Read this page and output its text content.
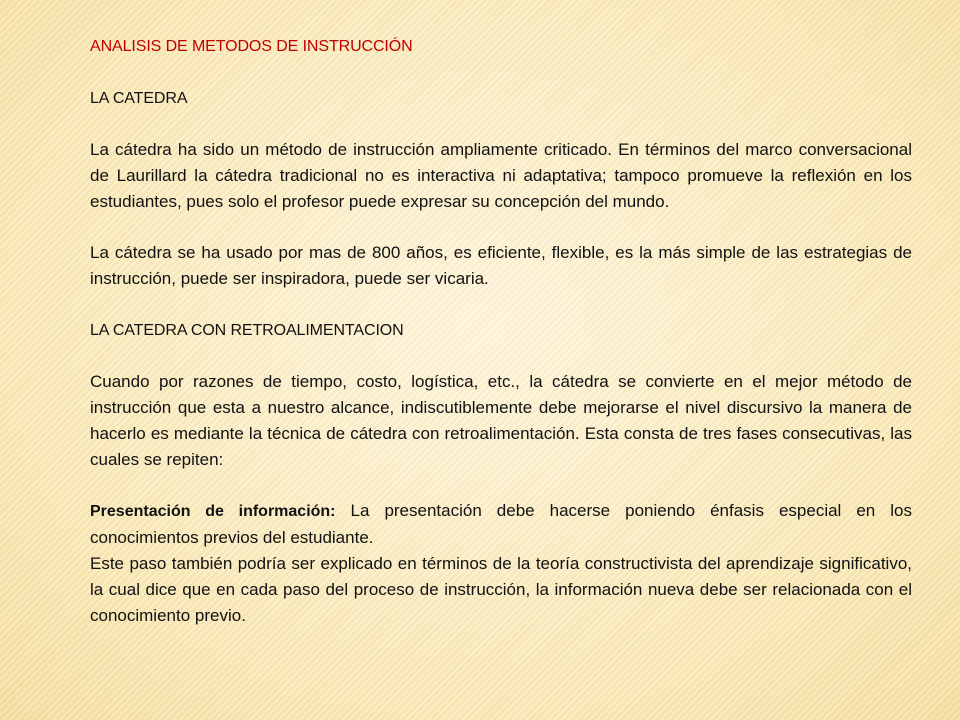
ANALISIS DE METODOS DE INSTRUCCIÓN

LA CATEDRA

La cátedra ha sido un método de instrucción ampliamente criticado. En términos del marco conversacional de Laurillard la cátedra tradicional no es interactiva ni adaptativa; tampoco promueve la reflexión en los estudiantes, pues solo el profesor puede expresar su concepción del mundo.

La cátedra se ha usado por mas de 800 años, es eficiente, flexible, es la más simple de las estrategias de instrucción, puede ser inspiradora, puede ser vicaria.

LA CATEDRA CON RETROALIMENTACION

Cuando por razones de tiempo, costo, logística, etc., la cátedra se convierte en el mejor método de instrucción que esta a nuestro alcance, indiscutiblemente debe mejorarse el nivel discursivo la manera de hacerlo es mediante la técnica de cátedra con retroalimentación. Esta consta de tres fases consecutivas, las cuales se repiten:

Presentación de información: La presentación debe hacerse poniendo énfasis especial en los conocimientos previos del estudiante.

Este paso también podría ser explicado en términos de la teoría constructivista del aprendizaje significativo, la cual dice que en cada paso del proceso de instrucción, la información nueva debe ser relacionada con el conocimiento previo.
